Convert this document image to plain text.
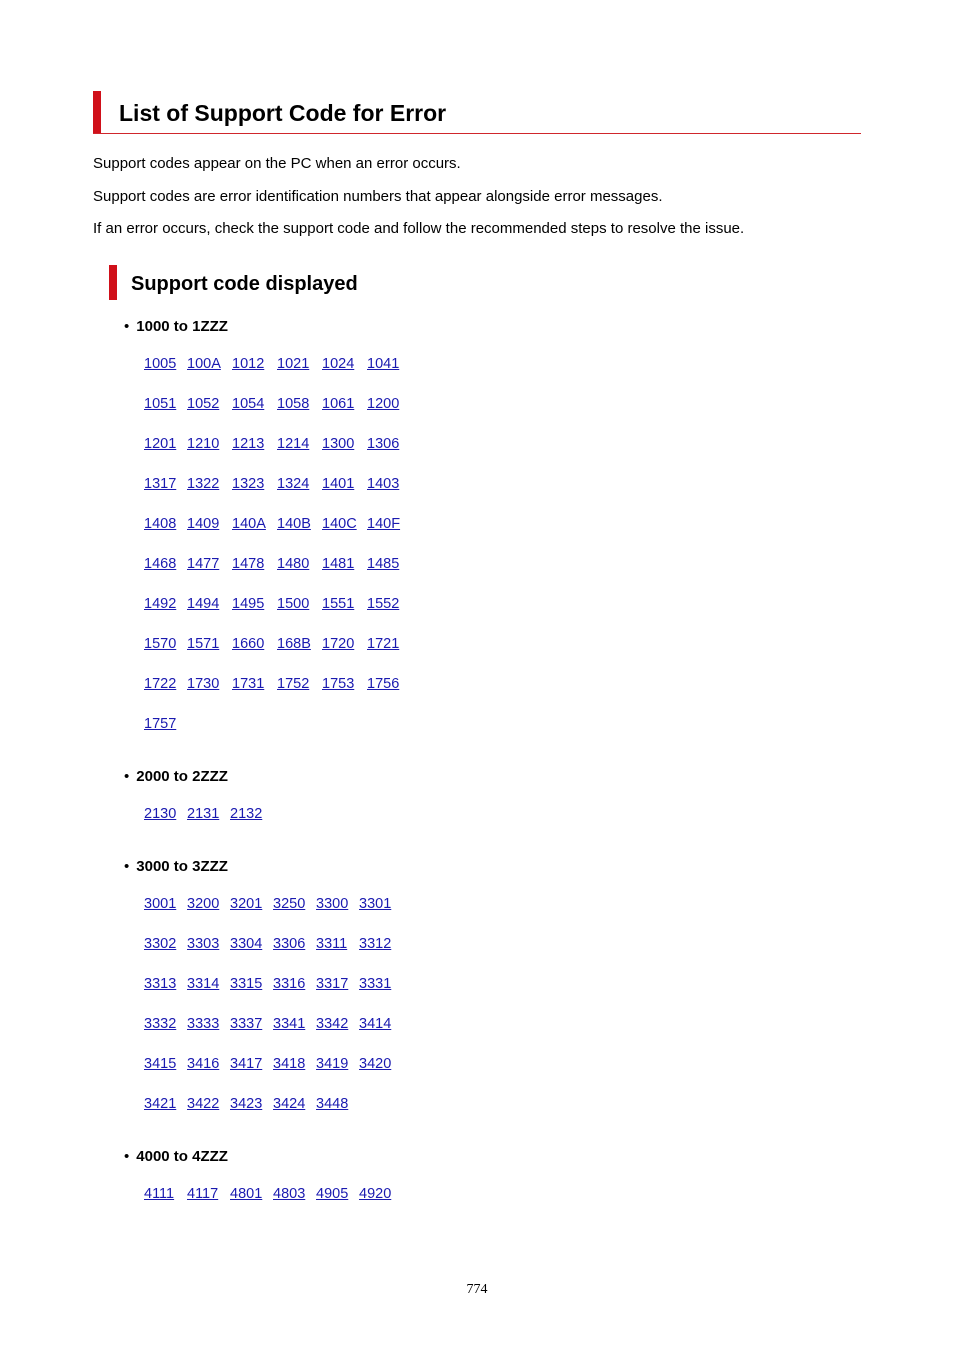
List of Support Code for Error

Support codes appear on the PC when an error occurs.

Support codes are error identification numbers that appear alongside error messages.

If an error occurs, check the support code and follow the recommended steps to resolve the issue.

Support code displayed
• 1000 to 1ZZZ
1005 100A 1012 1021 1024 1041
1051 1052 1054 1058 1061 1200
1201 1210 1213 1214 1300 1306
1317 1322 1323 1324 1401 1403
1408 1409 140A 140B 140C 140F
1468 1477 1478 1480 1481 1485
1492 1494 1495 1500 1551 1552
1570 1571 1660 168B 1720 1721
1722 1730 1731 1752 1753 1756
1757
• 2000 to 2ZZZ
2130 2131 2132
• 3000 to 3ZZZ
3001 3200 3201 3250 3300 3301
3302 3303 3304 3306 3311 3312
3313 3314 3315 3316 3317 3331
3332 3333 3337 3341 3342 3414
3415 3416 3417 3418 3419 3420
3421 3422 3423 3424 3448
• 4000 to 4ZZZ
4111 4117 4801 4803 4905 4920
774
